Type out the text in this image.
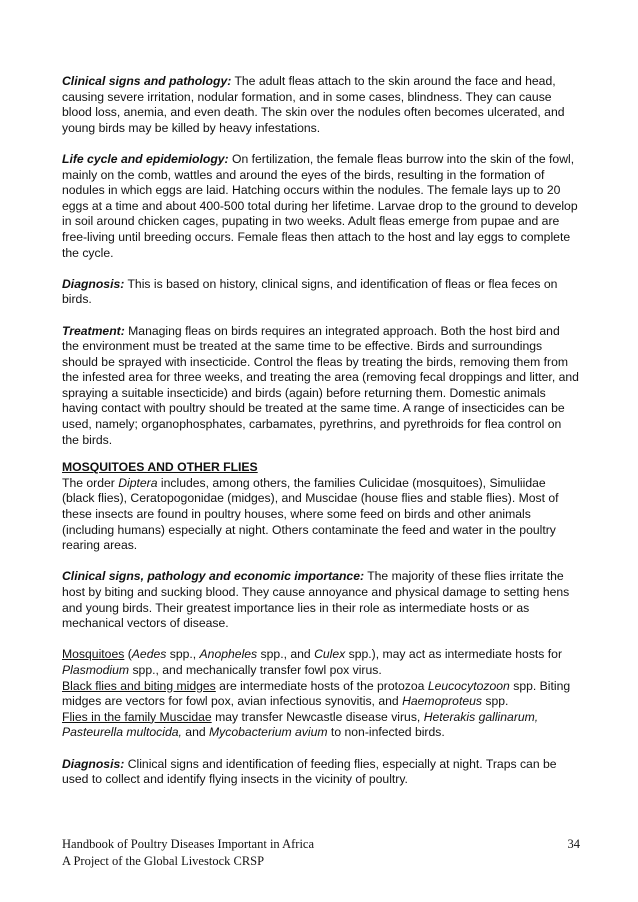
Clinical signs and pathology: The adult fleas attach to the skin around the face and head, causing severe irritation, nodular formation, and in some cases, blindness. They can cause blood loss, anemia, and even death. The skin over the nodules often becomes ulcerated, and young birds may be killed by heavy infestations.

Life cycle and epidemiology: On fertilization, the female fleas burrow into the skin of the fowl, mainly on the comb, wattles and around the eyes of the birds, resulting in the formation of nodules in which eggs are laid. Hatching occurs within the nodules. The female lays up to 20 eggs at a time and about 400-500 total during her lifetime. Larvae drop to the ground to develop in soil around chicken cages, pupating in two weeks. Adult fleas emerge from pupae and are free-living until breeding occurs. Female fleas then attach to the host and lay eggs to complete the cycle.

Diagnosis: This is based on history, clinical signs, and identification of fleas or flea feces on birds.

Treatment: Managing fleas on birds requires an integrated approach. Both the host bird and the environment must be treated at the same time to be effective. Birds and surroundings should be sprayed with insecticide. Control the fleas by treating the birds, removing them from the infested area for three weeks, and treating the area (removing fecal droppings and litter, and spraying a suitable insecticide) and birds (again) before returning them. Domestic animals having contact with poultry should be treated at the same time. A range of insecticides can be used, namely; organophosphates, carbamates, pyrethrins, and pyrethroids for flea control on the birds.

MOSQUITOES AND OTHER FLIES

The order Diptera includes, among others, the families Culicidae (mosquitoes), Simuliidae (black flies), Ceratopogonidae (midges), and Muscidae (house flies and stable flies). Most of these insects are found in poultry houses, where some feed on birds and other animals (including humans) especially at night. Others contaminate the feed and water in the poultry rearing areas.

Clinical signs, pathology and economic importance: The majority of these flies irritate the host by biting and sucking blood. They cause annoyance and physical damage to setting hens and young birds. Their greatest importance lies in their role as intermediate hosts or as mechanical vectors of disease.

Mosquitoes (Aedes spp., Anopheles spp., and Culex spp.), may act as intermediate hosts for Plasmodium spp., and mechanically transfer fowl pox virus.

Black flies and biting midges are intermediate hosts of the protozoa Leucocytozoon spp. Biting midges are vectors for fowl pox, avian infectious synovitis, and Haemoproteus spp.

Flies in the family Muscidae may transfer Newcastle disease virus, Heterakis gallinarum, Pasteurella multocida, and Mycobacterium avium to non-infected birds.

Diagnosis: Clinical signs and identification of feeding flies, especially at night. Traps can be used to collect and identify flying insects in the vicinity of poultry.

Handbook of Poultry Diseases Important in Africa
A Project of the Global Livestock CRSP
34
